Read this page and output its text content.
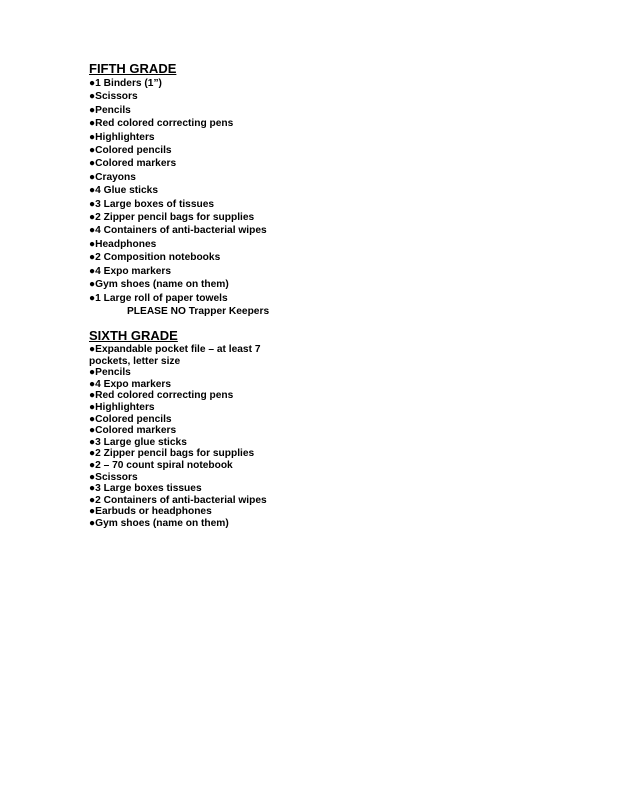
FIFTH GRADE
●1 Binders (1”)
●Scissors
●Pencils
●Red colored correcting pens
●Highlighters
●Colored pencils
●Colored markers
●Crayons
●4 Glue sticks
●3 Large boxes of tissues
●2 Zipper pencil bags for supplies
●4 Containers of anti-bacterial wipes
●Headphones
●2 Composition notebooks
●4 Expo markers
●Gym shoes (name on them)
●1 Large roll of paper towels
PLEASE NO Trapper Keepers
SIXTH GRADE
●Expandable pocket file – at least 7 pockets, letter size
●Pencils
●4 Expo markers
●Red colored correcting pens
●Highlighters
●Colored pencils
●Colored markers
●3 Large glue sticks
●2 Zipper pencil bags for supplies
●2 – 70 count spiral notebook
●Scissors
●3 Large boxes tissues
●2 Containers of anti-bacterial wipes
●Earbuds or headphones
●Gym shoes (name on them)
